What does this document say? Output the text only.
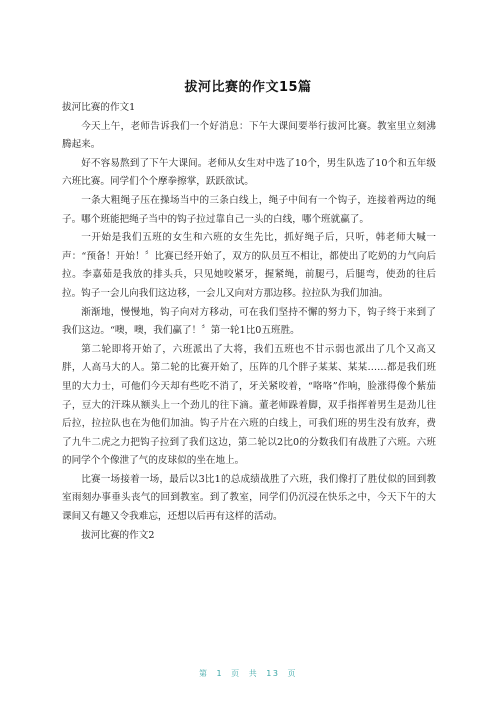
拔河比赛的作文15篇

拔河比赛的作文1

今天上午，老师告诉我们一个好消息：下午大课间要举行拔河比赛。教室里立刻沸腾起来。

好不容易熬到了下午大课间。老师从女生对中选了10个，男生队选了10个和五年级六班比赛。同学们个个摩拳擦掌，跃跃欲试。

一条大粗绳子压在操场当中的三条白线上，绳子中间有一个钩子，连接着两边的绳子。哪个班能把绳子当中的钩子拉过靠自己一头的白线，哪个班就赢了。

一开始是我们五班的女生和六班的女生先比，抓好绳子后，只听，韩老师大喊一声：“预备！开始！〞比赛已经开始了，双方的队员互不相让，都使出了吃奶的力气向后拉。李嘉茹是我放的排头兵，只见她咬紧牙，握紧绳，前腿弓，后腿弯，使劲的往后拉。钩子一会儿向我们这边移，一会儿又向对方那边移。拉拉队为我们加油。

渐渐地，慢慢地，钩子向对方移动，可在我们坚持不懈的努力下，钩子终于来到了我们这边。“噢，噢，我们赢了！〞第一轮1比0五班胜。

第二轮即将开始了，六班派出了大将，我们五班也不甘示弱也派出了几个又高又胖，人高马大的人。第二轮的比赛开始了，压阵的几个胖子某某、某某……都是我们班里的大力士，可他们今天却有些吃不消了，牙关紧咬着，“咯咯”作响，脸涨得像个紫茄子，豆大的汗珠从额头上一个劲儿的往下滴。董老师跺着脚，双手指挥着男生是劲儿往后拉，拉拉队也在为他们加油。钩子片在六班的白线上，可我们班的男生没有放弃，费了九牛二虎之力把钩子拉到了我们这边，第二轮以2比0的分数我们有战胜了六班。六班的同学个个像泄了气的皮球似的坐在地上。

比赛一场接着一场，最后以3比1的总成绩战胜了六班，我们像打了胜仗似的回到教室雨刻办事垂头丧气的回到教室。到了教室，同学们仍沉浸在快乐之中，今天下午的大课间又有趣又令我难忘，还想以后再有这样的活动。

拔河比赛的作文2

第 1 页 共 13 页
